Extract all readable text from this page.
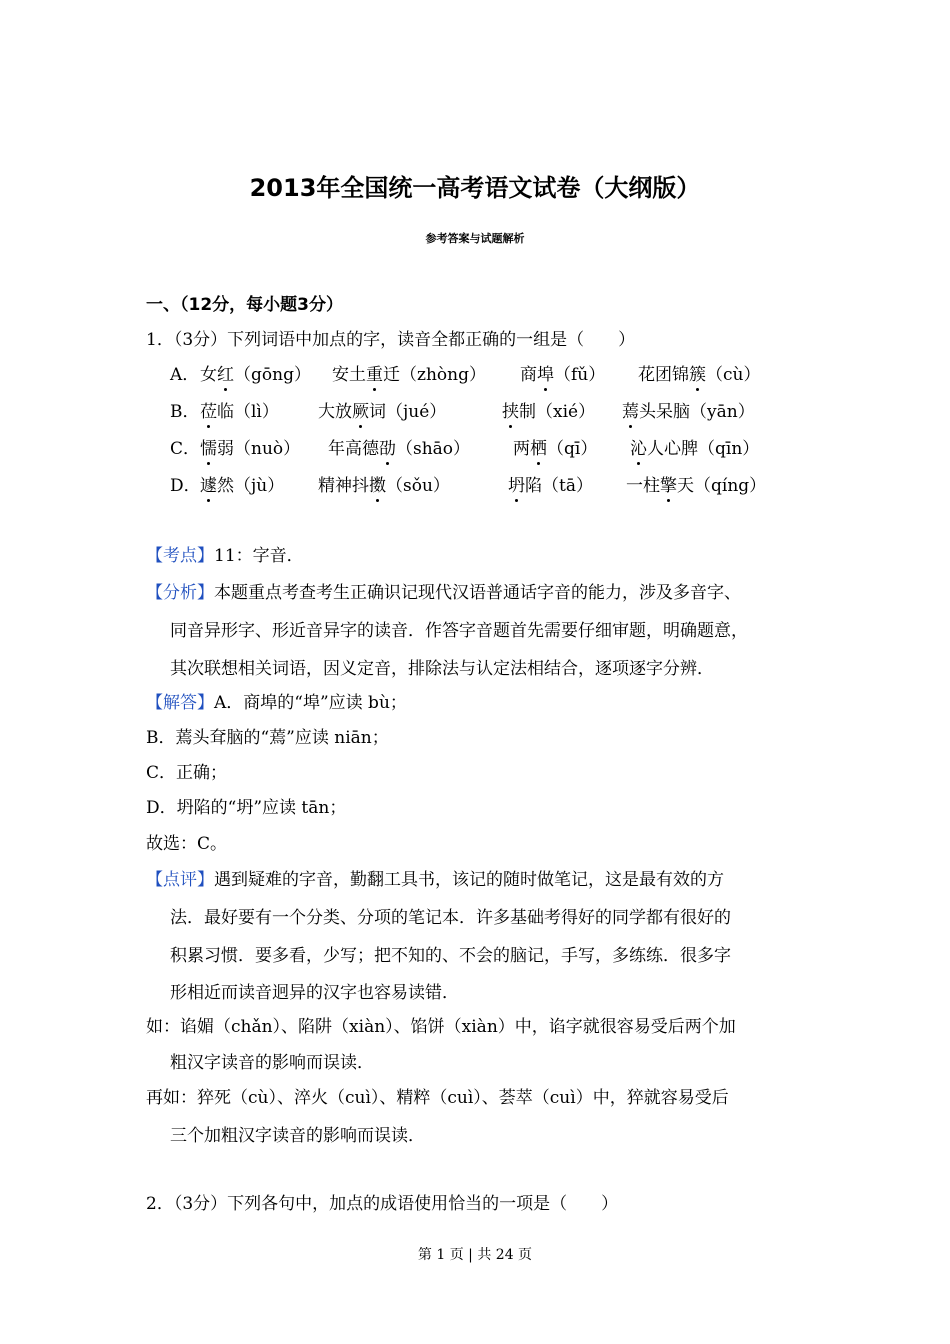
2013年全国统一高考语文试卷（大纲版）
参考答案与试题解析
一、（12分，每小题3分）
1．（3分）下列词语中加点的字，读音全都正确的一组是（　　）
A． 女红（gōng） 安土重迁（zhòng） 商埠（fǔ） 花团锦簇（cù）
B． 莅临（lì） 大放厥词（jué）	挟制（xié） 蔫头呆脑（yān）
C． 懦弱（nuò） 年高德劭（shāo）	两栖（qī） 沁人心脾（qīn）
D． 遽然（jù） 精神抖擞（sǒu）	坍陷（tā） 一柱擎天（qíng）
【考点】11：字音．
【分析】本题重点考查考生正确识记现代汉语普通话字音的能力，涉及多音字、
同音异形字、形近音异字的读音．作答字音题首先需要仔细审题，明确题意，
其次联想相关词语，因义定音，排除法与认定法相结合，逐项逐字分辨．
【解答】A．商埠的“埠”应读 bù；
B．蔫头耷脑的“蔫”应读 niān；
C．正确；
D．坍陷的“坍”应读 tān；
故选：C。
【点评】遇到疑难的字音，勤翻工具书，该记的随时做笔记，这是最有效的方
法．最好要有一个分类、分项的笔记本．许多基础考得好的同学都有很好的
积累习惯．要多看，少写；把不知的、不会的脑记，手写，多练练．很多字
形相近而读音迥异的汉字也容易读错．
如：谄媚（chǎn）、陷阱（xiàn）、馅饼（xiàn）中，谄字就很容易受后两个加
粗汉字读音的影响而误读．
再如：猝死（cù）、淬火（cuì）、精粹（cuì）、荟萃（cuì）中，猝就容易受后
三个加粗汉字读音的影响而误读．
2．（3分）下列各句中，加点的成语使用恰当的一项是（　　）
第 1 页 | 共 24 页
